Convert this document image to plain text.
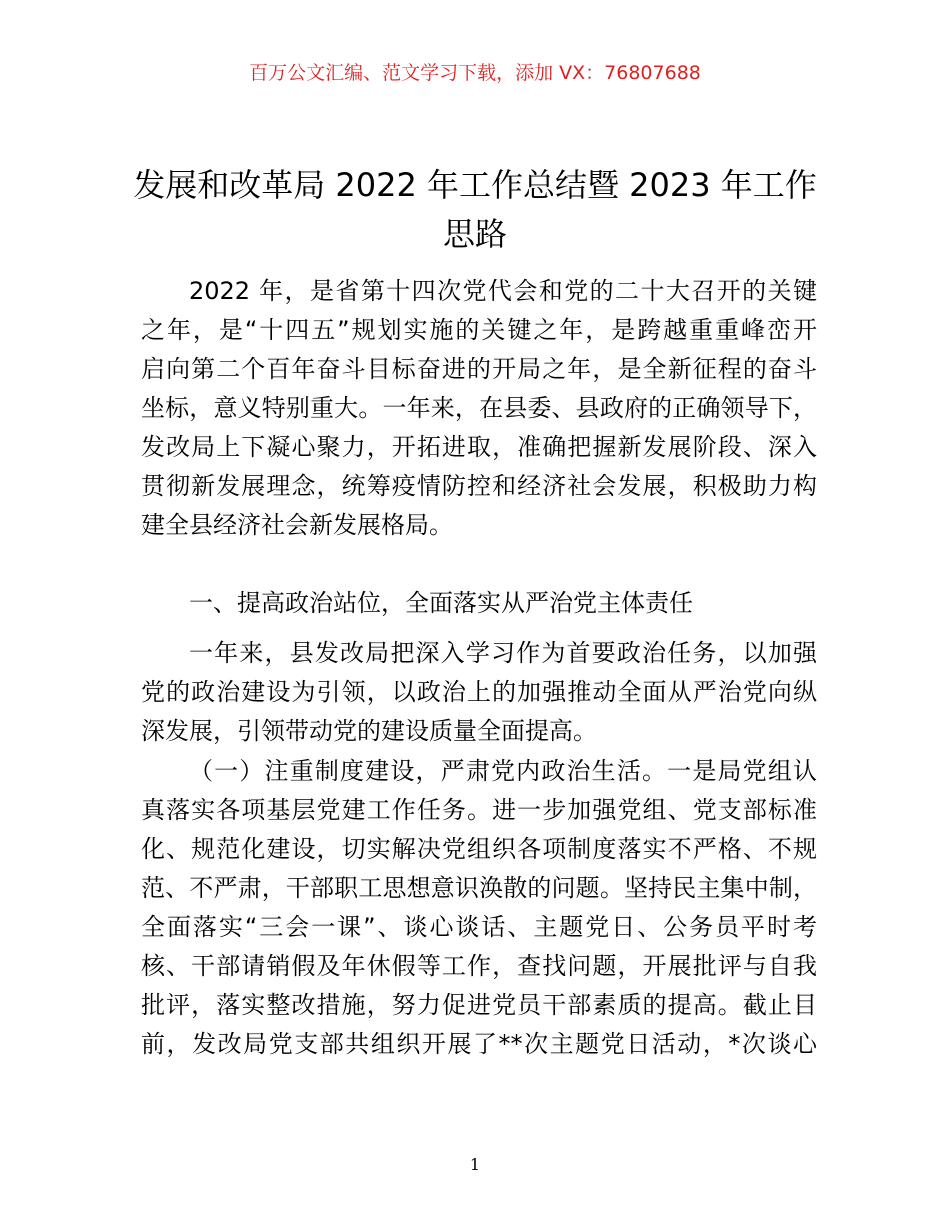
百万公文汇编、范文学习下载，添加 VX：76807688
发展和改革局 2022 年工作总结暨 2023 年工作
思路
2022 年，是省第十四次党代会和党的二十大召开的关键
之年，是“十四五”规划实施的关键之年，是跨越重重峰峦开
启向第二个百年奋斗目标奋进的开局之年，是全新征程的奋斗
坐标，意义特别重大。一年来，在县委、县政府的正确领导下，
发改局上下凝心聚力，开拓进取，准确把握新发展阶段、深入
贯彻新发展理念，统筹疫情防控和经济社会发展，积极助力构
建全县经济社会新发展格局。
一、提高政治站位，全面落实从严治党主体责任
一年来，县发改局把深入学习作为首要政治任务，以加强
党的政治建设为引领，以政治上的加强推动全面从严治党向纵
深发展，引领带动党的建设质量全面提高。
（一）注重制度建设，严肃党内政治生活。一是局党组认
真落实各项基层党建工作任务。进一步加强党组、党支部标准
化、规范化建设，切实解决党组织各项制度落实不严格、不规
范、不严肃，干部职工思想意识涣散的问题。坚持民主集中制，
全面落实“三会一课”、谈心谈话、主题党日、公务员平时考
核、干部请销假及年休假等工作，查找问题，开展批评与自我
批评，落实整改措施，努力促进党员干部素质的提高。截止目
前，发改局党支部共组织开展了**次主题党日活动，*次谈心
1
